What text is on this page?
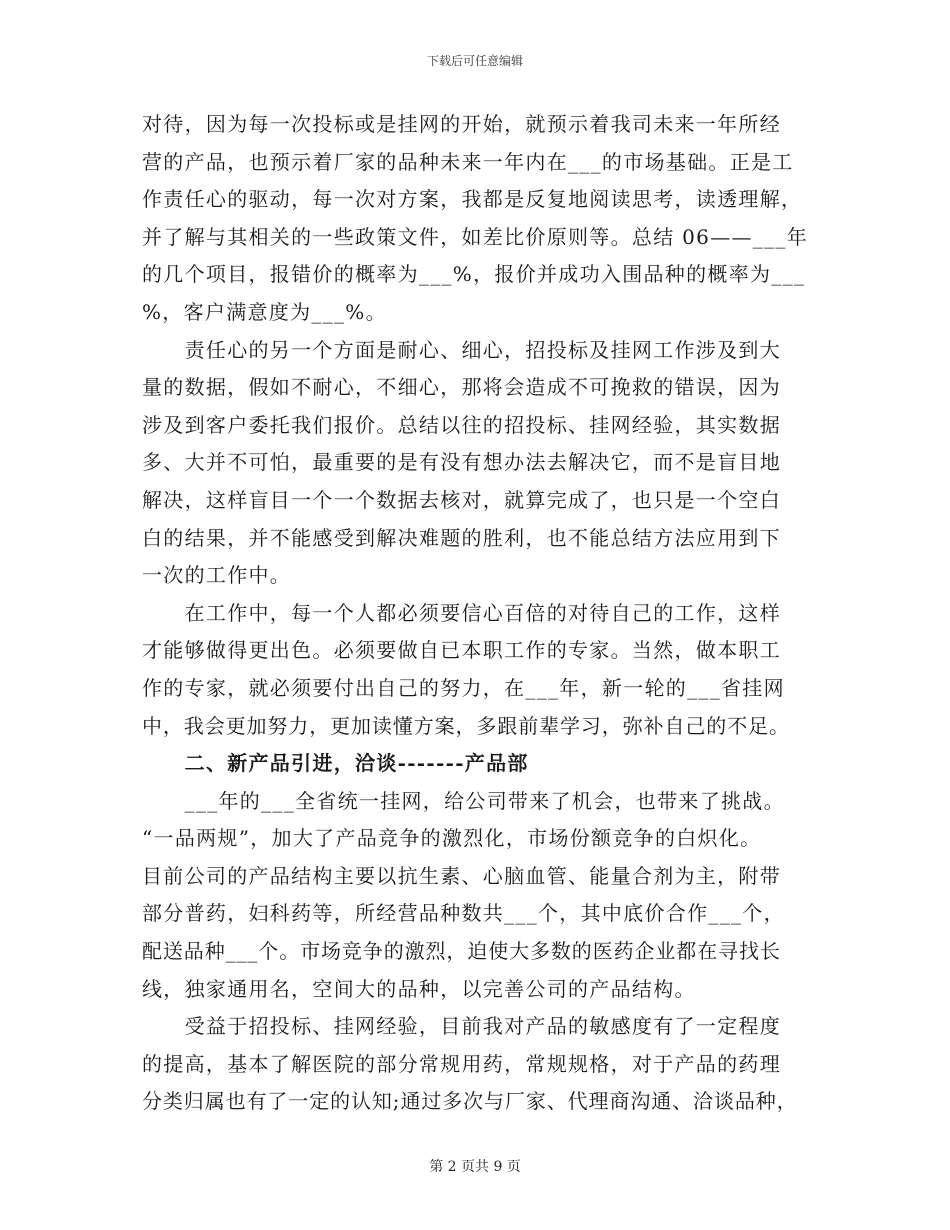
下载后可任意编辑
对待，因为每一次投标或是挂网的开始，就预示着我司未来一年所经
营的产品，也预示着厂家的品种未来一年内在___的市场基础。正是工
作责任心的驱动，每一次对方案，我都是反复地阅读思考，读透理解，
并了解与其相关的一些政策文件，如差比价原则等。总结 06——___年
的几个项目，报错价的概率为___%，报价并成功入围品种的概率为___
%，客户满意度为___%。
　　责任心的另一个方面是耐心、细心，招投标及挂网工作涉及到大
量的数据，假如不耐心，不细心，那将会造成不可挽救的错误，因为
涉及到客户委托我们报价。总结以往的招投标、挂网经验，其实数据
多、大并不可怕，最重要的是有没有想办法去解决它，而不是盲目地
解决，这样盲目一个一个数据去核对，就算完成了，也只是一个空白
白的结果，并不能感受到解决难题的胜利，也不能总结方法应用到下
一次的工作中。
　　在工作中，每一个人都必须要信心百倍的对待自己的工作，这样
才能够做得更出色。必须要做自已本职工作的专家。当然，做本职工
作的专家，就必须要付出自己的努力，在___年，新一轮的___省挂网
中，我会更加努力，更加读懂方案，多跟前辈学习，弥补自己的不足。
　　二、新产品引进，洽谈-------产品部
　　___年的___全省统一挂网，给公司带来了机会，也带来了挑战。
“一品两规”，加大了产品竞争的激烈化，市场份额竞争的白炽化。
目前公司的产品结构主要以抗生素、心脑血管、能量合剂为主，附带
部分普药，妇科药等，所经营品种数共___个，其中底价合作___个，
配送品种___个。市场竞争的激烈，迫使大多数的医药企业都在寻找长
线，独家通用名，空间大的品种，以完善公司的产品结构。
　　受益于招投标、挂网经验，目前我对产品的敏感度有了一定程度
的提高，基本了解医院的部分常规用药，常规规格，对于产品的药理
分类归属也有了一定的认知;通过多次与厂家、代理商沟通、洽谈品种，
第 2 页共 9 页
